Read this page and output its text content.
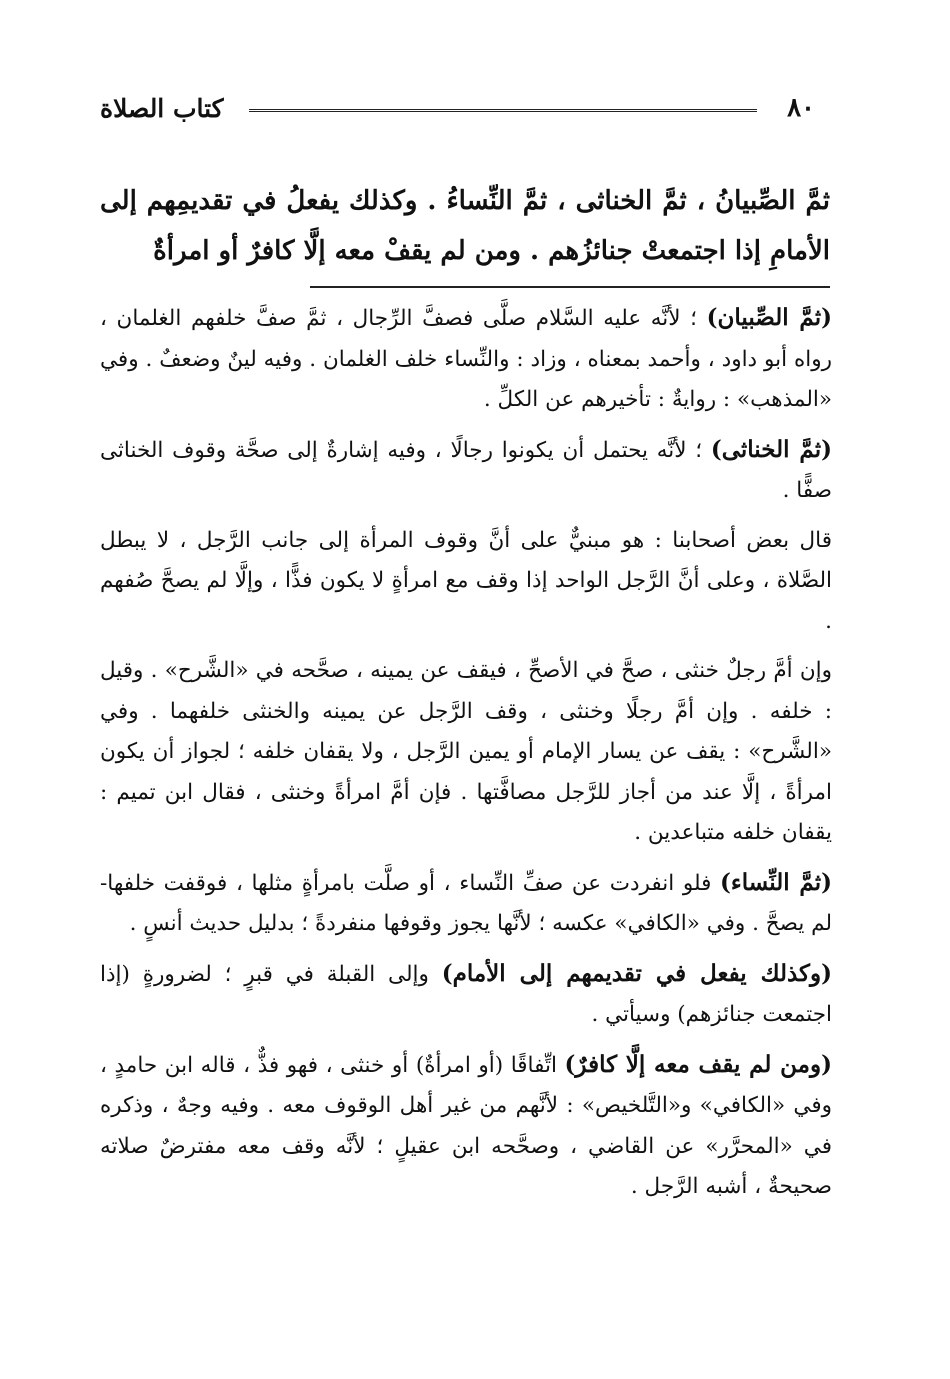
٨٠
كتاب الصلاة
ثمَّ الصِّبيانُ ، ثمَّ الخناثى ، ثمَّ النِّساءُ . وكذلك يفعلُ في تقديمِهم إلى الأمامِ إذا اجتمعتْ جنائزُهم . ومن لم يقفْ معه إلَّا كافرٌ أو امرأةٌ

(ثمَّ الصِّبيان) ؛ لأنَّه عليه السَّلام صلَّى فصفَّ الرِّجال ، ثمَّ صفَّ خلفهم الغلمان ، رواه أبو داود ، وأحمد بمعناه ، وزاد : والنِّساء خلف الغلمان . وفيه لينٌ وضعفٌ . وفي «المذهب» : روايةٌ : تأخيرهم عن الكلِّ .

(ثمَّ الخناثى) ؛ لأنَّه يحتمل أن يكونوا رجالًا ، وفيه إشارةٌ إلى صحَّة وقوف الخناثى صفًّا .

قال بعض أصحابنا : هو مبنيٌّ على أنَّ وقوف المرأة إلى جانب الرَّجل ، لا يبطل الصَّلاة ، وعلى أنَّ الرَّجل الواحد إذا وقف مع امرأةٍ لا يكون فذًّا ، وإلَّا لم يصحَّ صُفهم .

وإن أمَّ رجلٌ خنثى ، صحَّ في الأصحِّ ، فيقف عن يمينه ، صحَّحه في «الشَّرح» . وقيل : خلفه . وإن أمَّ رجلًا وخنثى ، وقف الرَّجل عن يمينه والخنثى خلفهما . وفي «الشَّرح» : يقف عن يسار الإمام أو يمين الرَّجل ، ولا يقفان خلفه ؛ لجواز أن يكون امرأةً ، إلَّا عند من أجاز للرَّجل مصافَّتها . فإن أمَّ امرأةً وخنثى ، فقال ابن تميم : يقفان خلفه متباعدين .

(ثمَّ النِّساء) فلو انفردت عن صفِّ النِّساء ، أو صلَّت بامرأةٍ مثلها ، فوقفت خلفها- لم يصحَّ . وفي «الكافي» عكسه ؛ لأنَّها يجوز وقوفها منفردةً ؛ بدليل حديث أنسٍ .

(وكذلك يفعل في تقديمهم إلى الأمام) وإلى القبلة في قبرٍ ؛ لضرورةٍ (إذا اجتمعت جنائزهم) وسيأتي .

(ومن لم يقف معه إلَّا كافرٌ) اتِّفاقًا (أو امرأةٌ) أو خنثى ، فهو فذٌّ ، قاله ابن حامدٍ ، وفي «الكافي» و«التَّلخيص» : لأنَّهم من غير أهل الوقوف معه . وفيه وجهٌ ، وذكره في «المحرَّر» عن القاضي ، وصحَّحه ابن عقيلٍ ؛ لأنَّه وقف معه مفترضٌ صلاته صحيحةٌ ، أشبه الرَّجل .
